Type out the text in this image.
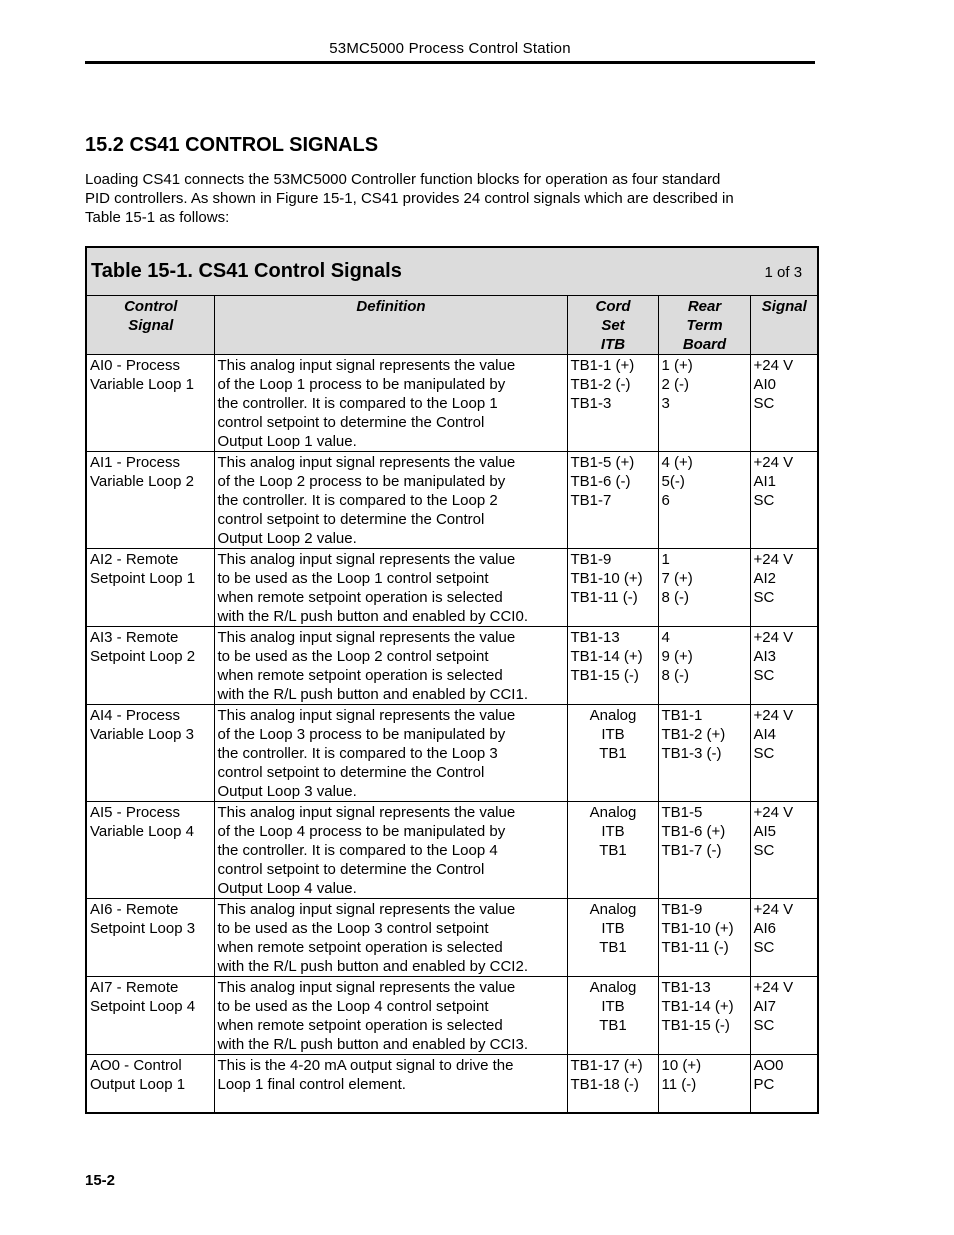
53MC5000 Process Control Station
15.2 CS41 CONTROL SIGNALS

Loading CS41 connects the 53MC5000 Controller function blocks for operation as four standard
PID controllers. As shown in Figure 15-1, CS41 provides 24 control signals which are described in
Table 15-1 as follows:

Table 15-1. CS41 Control Signals 1 of 3				

Control
Signal	Definition	Cord
Set
ITB	Rear
Term
Board	Signal

AI0 - Process
Variable Loop 1	This analog input signal represents the value
of the Loop 1 process to be manipulated by
the controller. It is compared to the Loop 1
control setpoint to determine the Control
Output Loop 1 value.	TB1-1 (+)
TB1-2 (-)
TB1-3	1 (+)
2 (-)
3	+24 V
AI0
SC

AI1 - Process
Variable Loop 2	This analog input signal represents the value
of the Loop 2 process to be manipulated by
the controller. It is compared to the Loop 2
control setpoint to determine the Control
Output Loop 2 value.	TB1-5 (+)
TB1-6 (-)
TB1-7	4 (+)
5(-)
6	+24 V
AI1
SC

AI2 - Remote
Setpoint Loop 1	This analog input signal represents the value
to be used as the Loop 1 control setpoint
when remote setpoint operation is selected
with the R/L push button and enabled by CCI0.	TB1-9
TB1-10 (+)
TB1-11 (-)	1
7 (+)
8 (-)	+24 V
AI2
SC

AI3 - Remote
Setpoint Loop 2	This analog input signal represents the value
to be used as the Loop 2 control setpoint
when remote setpoint operation is selected
with the R/L push button and enabled by CCI1.	TB1-13
TB1-14 (+)
TB1-15 (-)	4
9 (+)
8 (-)	+24 V
AI3
SC

AI4 - Process
Variable Loop 3	This analog input signal represents the value
of the Loop 3 process to be manipulated by
the controller. It is compared to the Loop 3
control setpoint to determine the Control
Output Loop 3 value.	Analog
ITB
TB1	TB1-1
TB1-2 (+)
TB1-3 (-)	+24 V
AI4
SC

AI5 - Process
Variable Loop 4	This analog input signal represents the value
of the Loop 4 process to be manipulated by
the controller. It is compared to the Loop 4
control setpoint to determine the Control
Output Loop 4 value.	Analog
ITB
TB1	TB1-5
TB1-6 (+)
TB1-7 (-)	+24 V
AI5
SC

AI6 - Remote
Setpoint Loop 3	This analog input signal represents the value
to be used as the Loop 3 control setpoint
when remote setpoint operation is selected
with the R/L push button and enabled by CCI2.	Analog
ITB
TB1	TB1-9
TB1-10 (+)
TB1-11 (-)	+24 V
AI6
SC

AI7 - Remote
Setpoint Loop 4	This analog input signal represents the value
to be used as the Loop 4 control setpoint
when remote setpoint operation is selected
with the R/L push button and enabled by CCI3.	Analog
ITB
TB1	TB1-13
TB1-14 (+)
TB1-15 (-)	+24 V
AI7
SC

AO0 - Control
Output Loop 1	This is the 4-20 mA output signal to drive the
Loop 1 final control element.	TB1-17 (+)
TB1-18 (-)	10 (+)
11 (-)	AO0
PC
15-2
